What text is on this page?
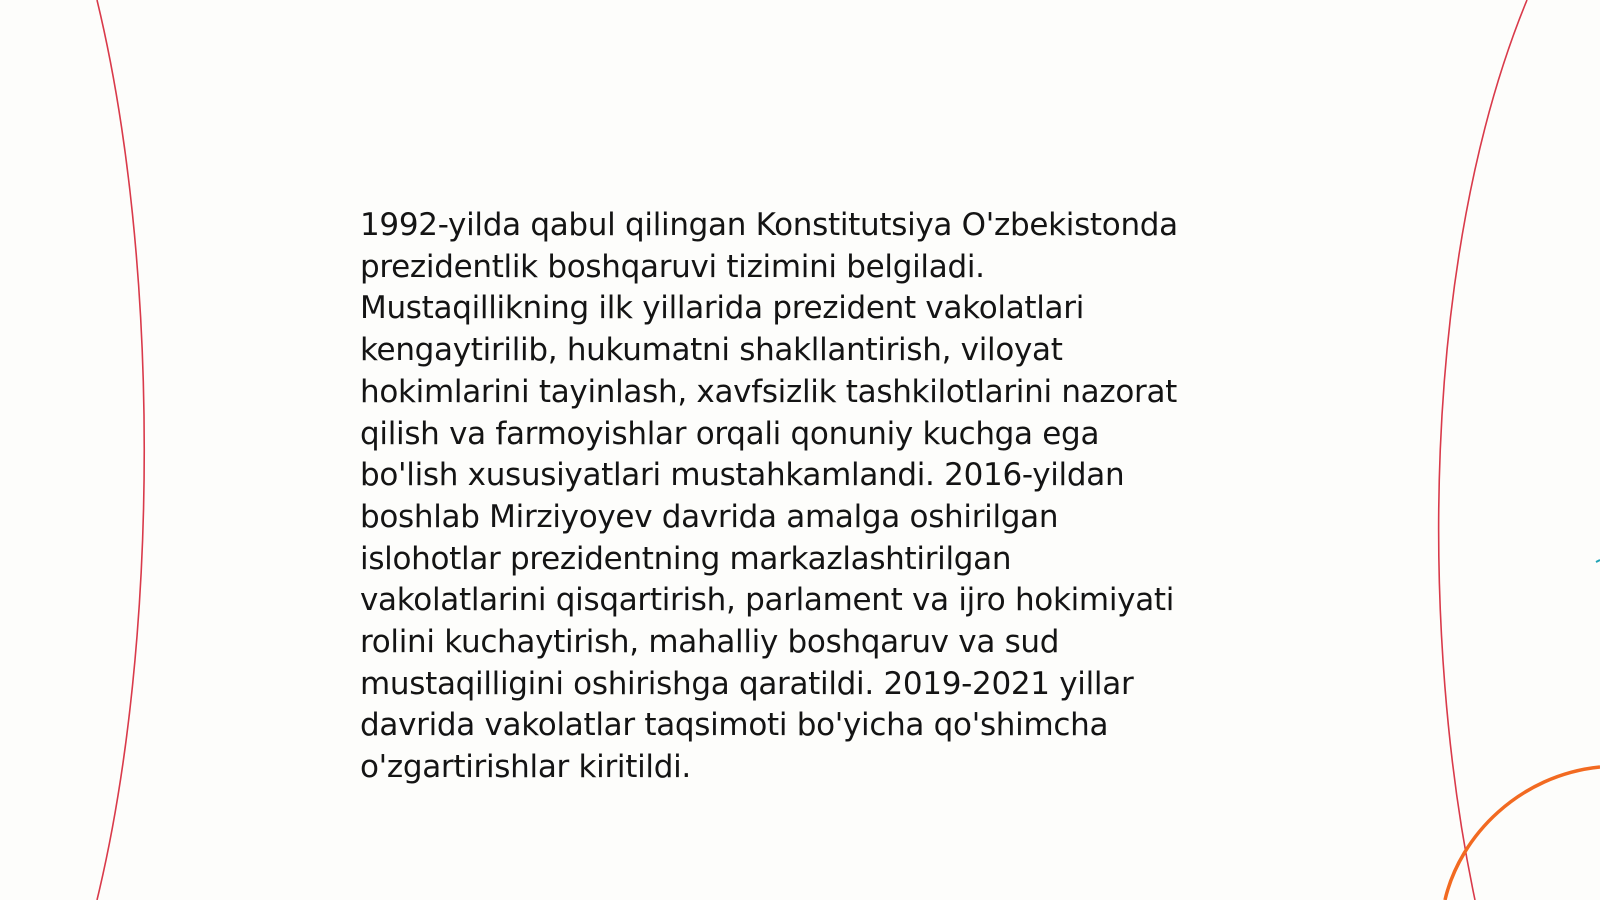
1992-yilda qabul qilingan Konstitutsiya O'zbekistonda
prezidentlik boshqaruvi tizimini belgiladi.
Mustaqillikning ilk yillarida prezident vakolatlari
kengaytirilib, hukumatni shakllantirish, viloyat
hokimlarini tayinlash, xavfsizlik tashkilotlarini nazorat
qilish va farmoyishlar orqali qonuniy kuchga ega
bo'lish xususiyatlari mustahkamlandi. 2016-yildan
boshlab Mirziyoyev davrida amalga oshirilgan
islohotlar prezidentning markazlashtirilgan
vakolatlarini qisqartirish, parlament va ijro hokimiyati
rolini kuchaytirish, mahalliy boshqaruv va sud
mustaqilligini oshirishga qaratildi. 2019-2021 yillar
davrida vakolatlar taqsimoti bo'yicha qo'shimcha
o'zgartirishlar kiritildi.
